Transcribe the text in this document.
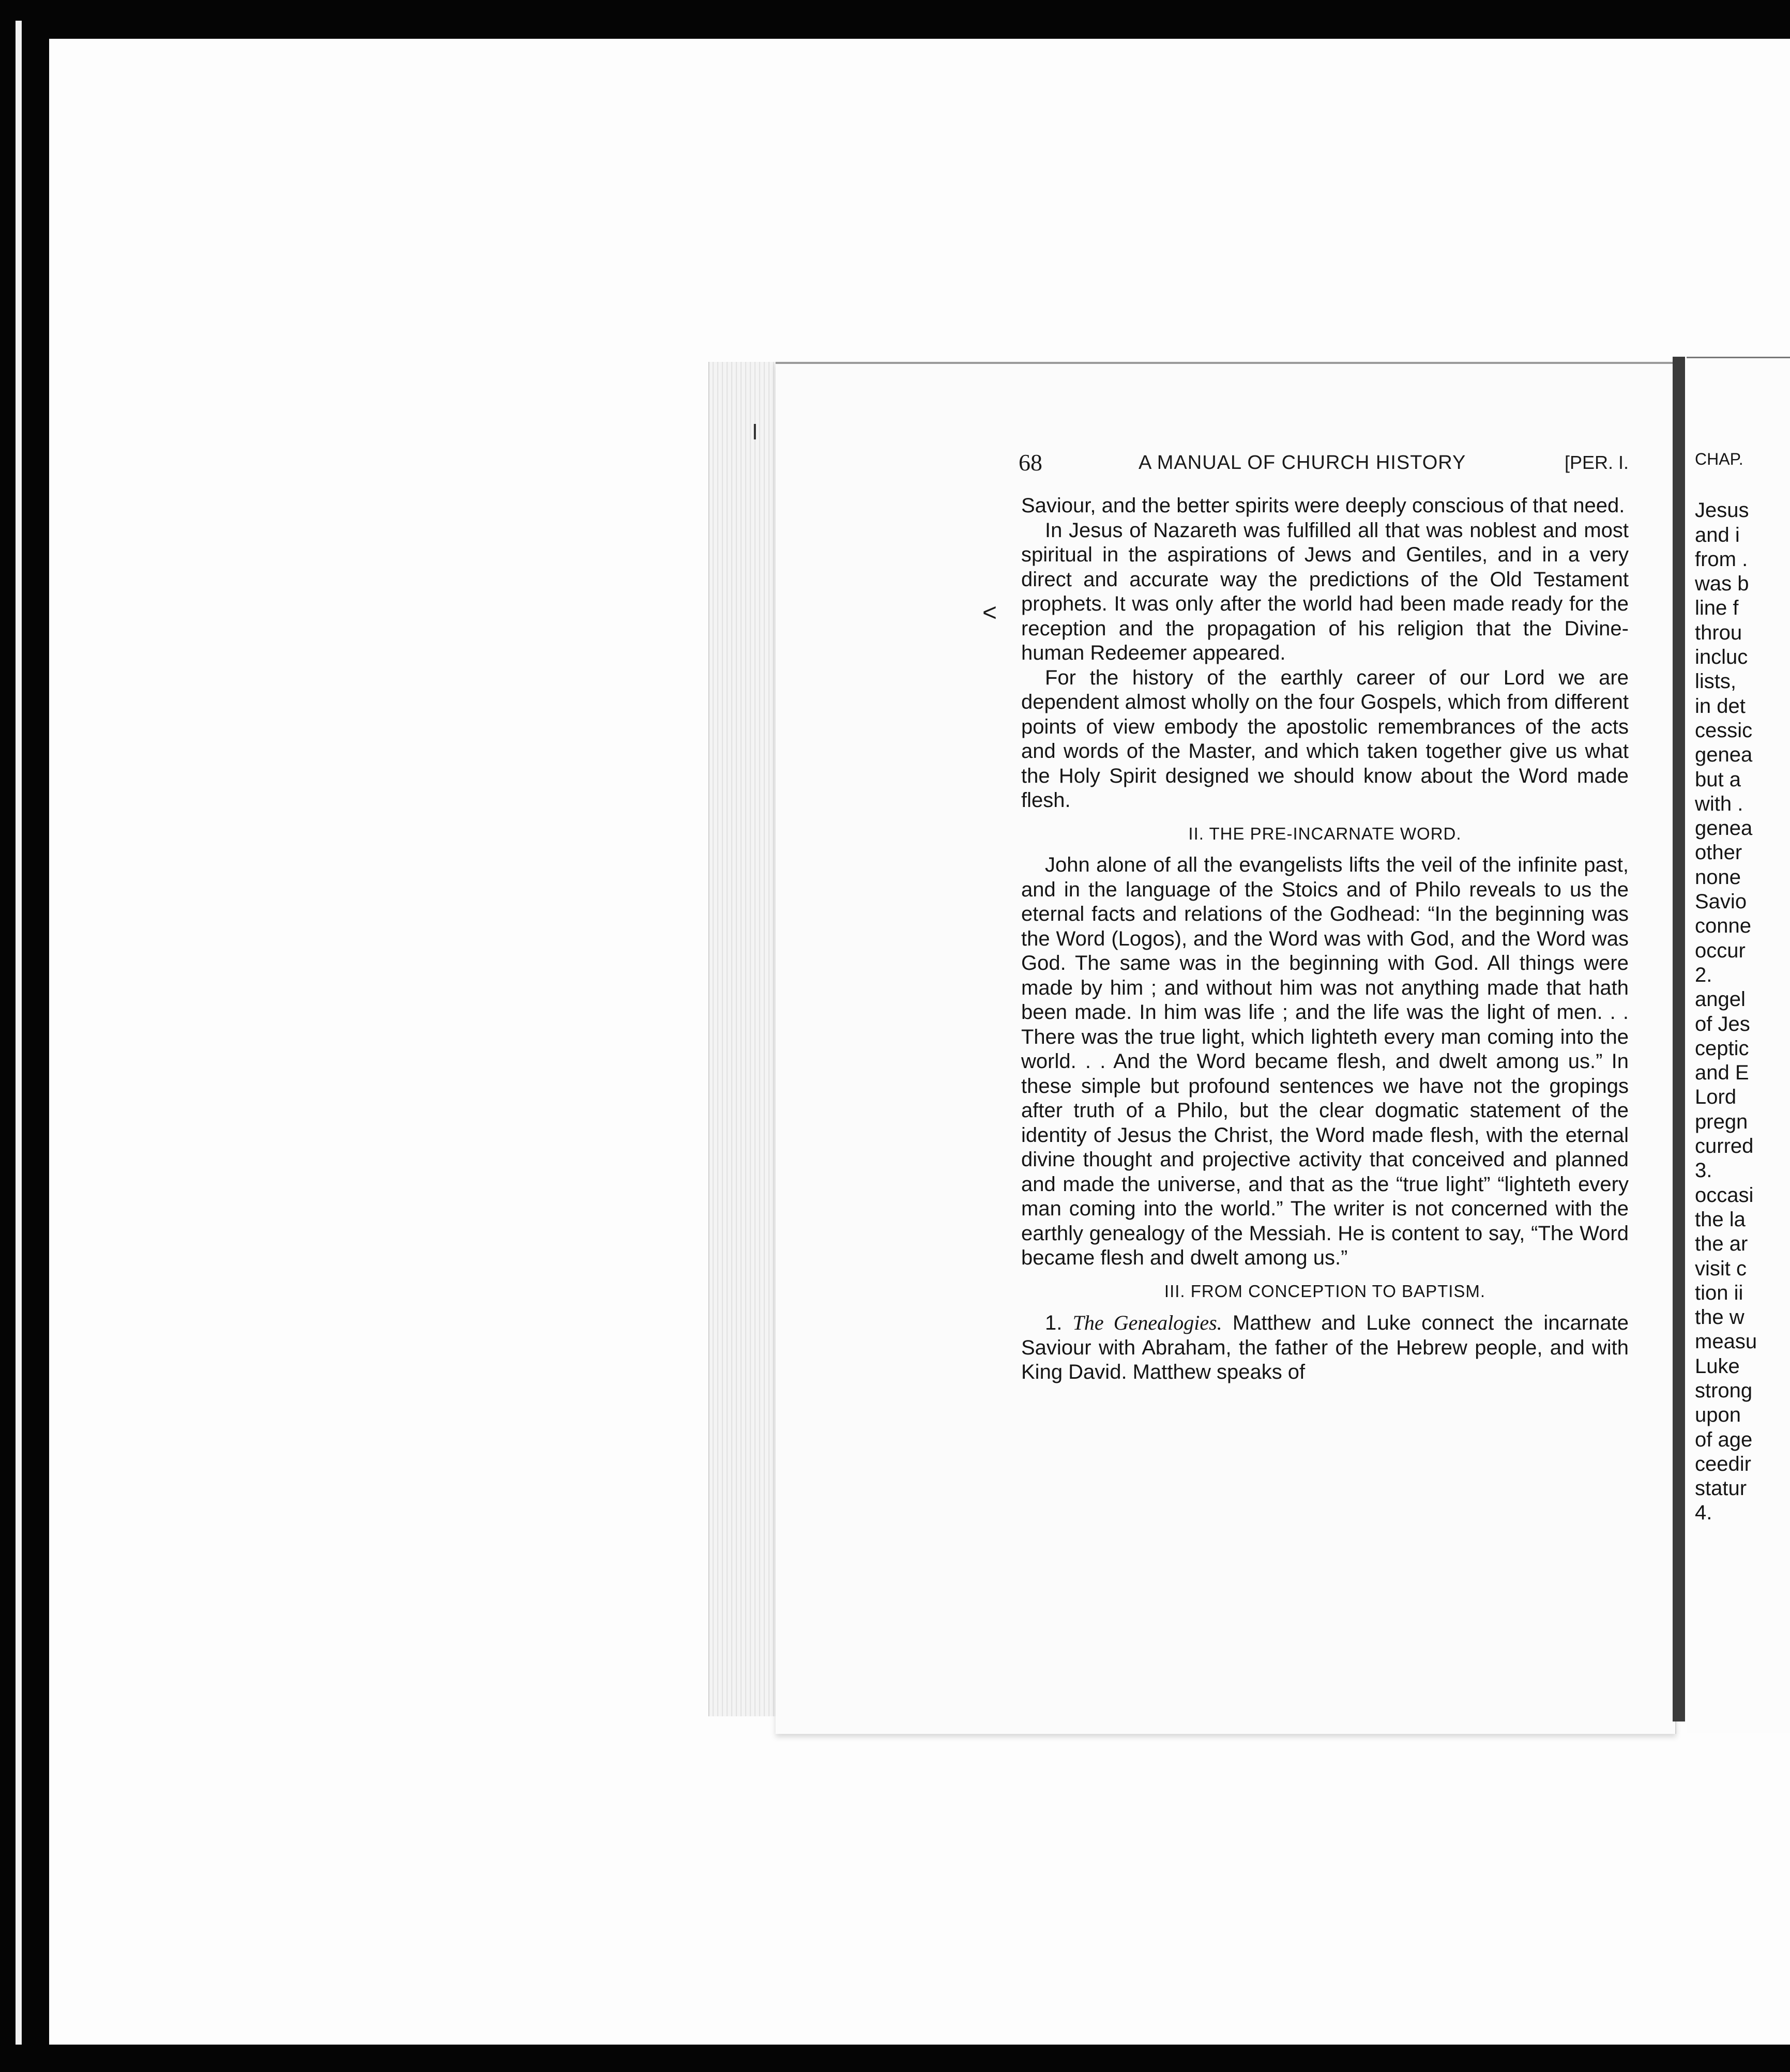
68	A MANUAL OF CHURCH HISTORY	[PER. I.
<

Saviour, and the better spirits were deeply conscious of that need.

In Jesus of Nazareth was fulfilled all that was noblest and most spiritual in the aspirations of Jews and Gentiles, and in a very direct and accurate way the predictions of the Old Testament prophets. It was only after the world had been made ready for the reception and the propagation of his religion that the Divine-human Redeemer appeared.

For the history of the earthly career of our Lord we are dependent almost wholly on the four Gospels, which from different points of view embody the apostolic remembrances of the acts and words of the Master, and which taken together give us what the Holy Spirit designed we should know about the Word made flesh.

II. THE PRE-INCARNATE WORD.

John alone of all the evangelists lifts the veil of the infinite past, and in the language of the Stoics and of Philo reveals to us the eternal facts and relations of the Godhead: “In the beginning was the Word (Logos), and the Word was with God, and the Word was God. The same was in the beginning with God. All things were made by him ; and without him was not anything made that hath been made. In him was life ; and the life was the light of men. . . There was the true light, which lighteth every man coming into the world. . . And the Word became flesh, and dwelt among us.” In these simple but profound sentences we have not the gropings after truth of a Philo, but the clear dogmatic statement of the identity of Jesus the Christ, the Word made flesh, with the eternal divine thought and projective activity that conceived and planned and made the universe, and that as the “true light” “lighteth every man coming into the world.” The writer is not concerned with the earthly genealogy of the Messiah. He is content to say, “The Word became flesh and dwelt among us.”

III. FROM CONCEPTION TO BAPTISM.

1. The Genealogies. Matthew and Luke connect the incarnate Saviour with Abraham, the father of the Hebrew people, and with King David. Matthew speaks of

CHAP.
Jesus
and i
from .
was b
line f
throu
incluc
lists,
in det
cessic
genea
but a
with .
genea
other
none
Savio
conne
occur
2.
angel
of Jes
ceptic
and E
Lord
pregn
curred
3.
occasi
the la
the ar
visit c
tion ii
the w
measu
Luke
strong
upon
of age
ceedir
statur
4.
